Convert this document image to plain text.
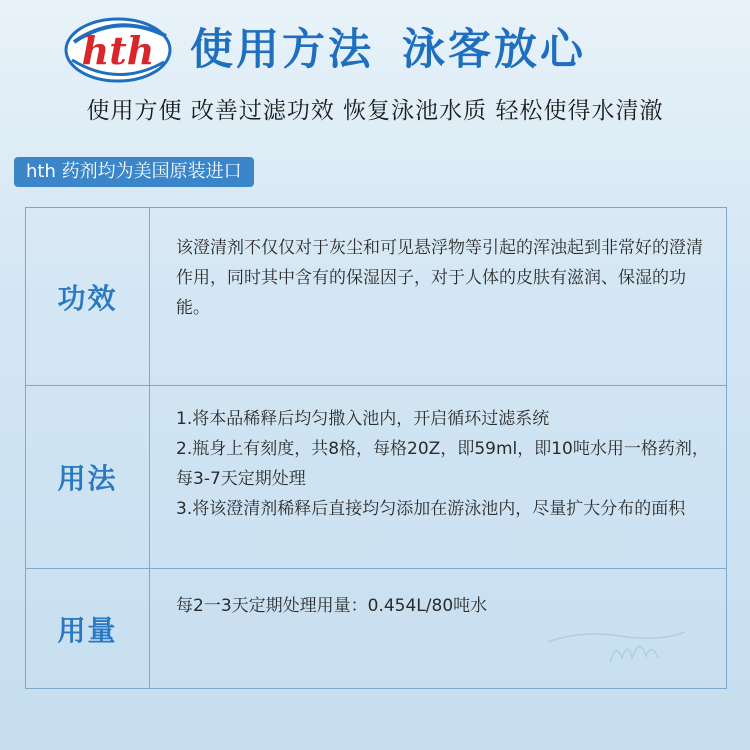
hth 使用方法 泳客放心
使用方便 改善过滤功效 恢复泳池水质 轻松使得水清澈
hth 药剂均为美国原装进口
功效

该澄清剂不仅仅对于灰尘和可见悬浮物等引起的浑浊起到非常好的澄清作用，同时其中含有的保湿因子，对于人体的皮肤有滋润、保湿的功能。

用法

1.将本品稀释后均匀撒入池内，开启循环过滤系统

2.瓶身上有刻度，共8格，每格20Z，即59ml，即10吨水用一格药剂，每3-7天定期处理

3.将该澄清剂稀释后直接均匀添加在游泳池内，尽量扩大分布的面积

用量

每2一3天定期处理用量：0.454L/80吨水
